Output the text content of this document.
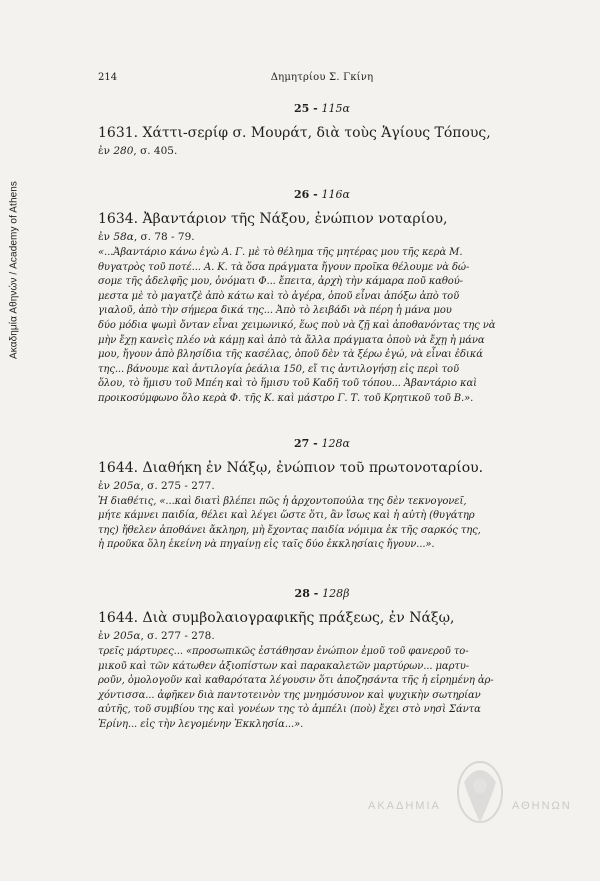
Ακαδημία Αθηνών / Academy of Athens
214	Δημητρίου Σ. Γκίνη
25 - 115α
1631. Χάττι-σερίφ σ. Μουράτ, διὰ τοὺς Ἁγίους Τόπους,
ἐν 280, σ. 405.
26 - 116α
1634. Ἀβαντάριον τῆς Νάξου, ἐνώπιον νοταρίου,
ἐν 58α, σ. 78 - 79.
«...Ἀβαντάριο κάνω ἐγὼ Α. Γ. μὲ τὸ θέλημα τῆς μητέρας μου τῆς κερὰ Μ.
θυγατρὸς τοῦ ποτέ... Α. Κ. τὰ ὅσα πράγματα ἤγουν προῖκα θέλουμε νὰ δώ-
σομε τῆς ἀδελφῆς μου, ὀνόματι Φ... ἔπειτα, ἀρχὴ τὴν κάμαρα ποῦ καθού-
μεστα μὲ τὸ μαγατζὲ ἀπὸ κάτω καὶ τὸ ἀγέρα, ὁποῦ εἶναι ἀπόξω ἀπὸ τοῦ
γιαλοῦ, ἀπὸ τὴν σήμερα δικά της... Ἀπὸ τὸ λειβάδι νὰ πέρη ἡ μάνα μου
δύο μόδια ψωμὶ ὄνταν εἶναι χειμωνικό, ἕως ποὺ νὰ ζῇ καὶ ἀποθανόντας της νὰ
μὴν ἔχῃ κανεὶς πλέο νὰ κάμῃ καὶ ἀπὸ τὰ ἄλλα πράγματα ὁποὺ νὰ ἔχῃ ἡ μάνα
μου, ἤγουν ἀπὸ βλησίδια τῆς κασέλας, ὁποῦ δὲν τὰ ξέρω ἐγώ, νὰ εἶναι ἐδικά
της... βάνουμε καὶ ἀντιλογία ῥεάλια 150, εἴ τις ἀντιλογήσῃ εἰς περὶ τοῦ
ὅλου, τὸ ἥμισυ τοῦ Μπέη καὶ τὸ ἥμισυ τοῦ Καδῆ τοῦ τόπου... Ἀβαντάριο καὶ
προικοσύμφωνο ὅλο κερὰ Φ. τῆς Κ. καὶ μάστρο Γ. Τ. τοῦ Κρητικοῦ τοῦ Β.».
27 - 128α
1644. Διαθήκη ἐν Νάξῳ, ἐνώπιον τοῦ πρωτονοταρίου.
ἐν 205α, σ. 275 - 277.
Ἡ διαθέτις, «...καὶ διατὶ βλέπει πῶς ἡ ἀρχοντοπούλα της δὲν τεκνογονεῖ,
μήτε κάμνει παιδία, θέλει καὶ λέγει ὥστε ὅτι, ἂν ἴσως καὶ ἡ αὐτὴ (θυγάτηρ
της) ἤθελεν ἀποθάνει ἄκληρη, μὴ ἔχοντας παιδία νόμιμα ἐκ τῆς σαρκός της,
ἡ προῦκα ὅλη ἐκείνη νὰ πηγαίνῃ εἰς ταῖς δύο ἐκκλησίαις ἤγουν...».
28 - 128β
1644. Διὰ συμβολαιογραφικῆς πράξεως, ἐν Νάξῳ,
ἐν 205α, σ. 277 - 278.
τρεῖς μάρτυρες... «προσωπικῶς ἐστάθησαν ἐνώπιον ἐμοῦ τοῦ φανεροῦ το-
μικοῦ καὶ τῶν κάτωθεν ἀξιοπίστων καὶ παρακαλετῶν μαρτύρων... μαρτυ-
ροῦν, ὁμολογοῦν καὶ καθαρότατα λέγουσιν ὅτι ἀποζησάντα τῆς ἡ εἰρημένη ἀρ-
χόντισσα... ἀφῆκεν διὰ παντοτεινὸν της μνημόσυνον καὶ ψυχικὴν σωτηρίαν
αὐτῆς, τοῦ συμβίου της καὶ γονέων της τὸ ἀμπέλι (ποὺ) ἔχει στὸ νησὶ Σάντα
Ἐρίνη... εἰς τὴν λεγομένην Ἐκκλησία...».
ΑΚΑΔΗΜΙΑ	ΑΘΗΝΩΝ
